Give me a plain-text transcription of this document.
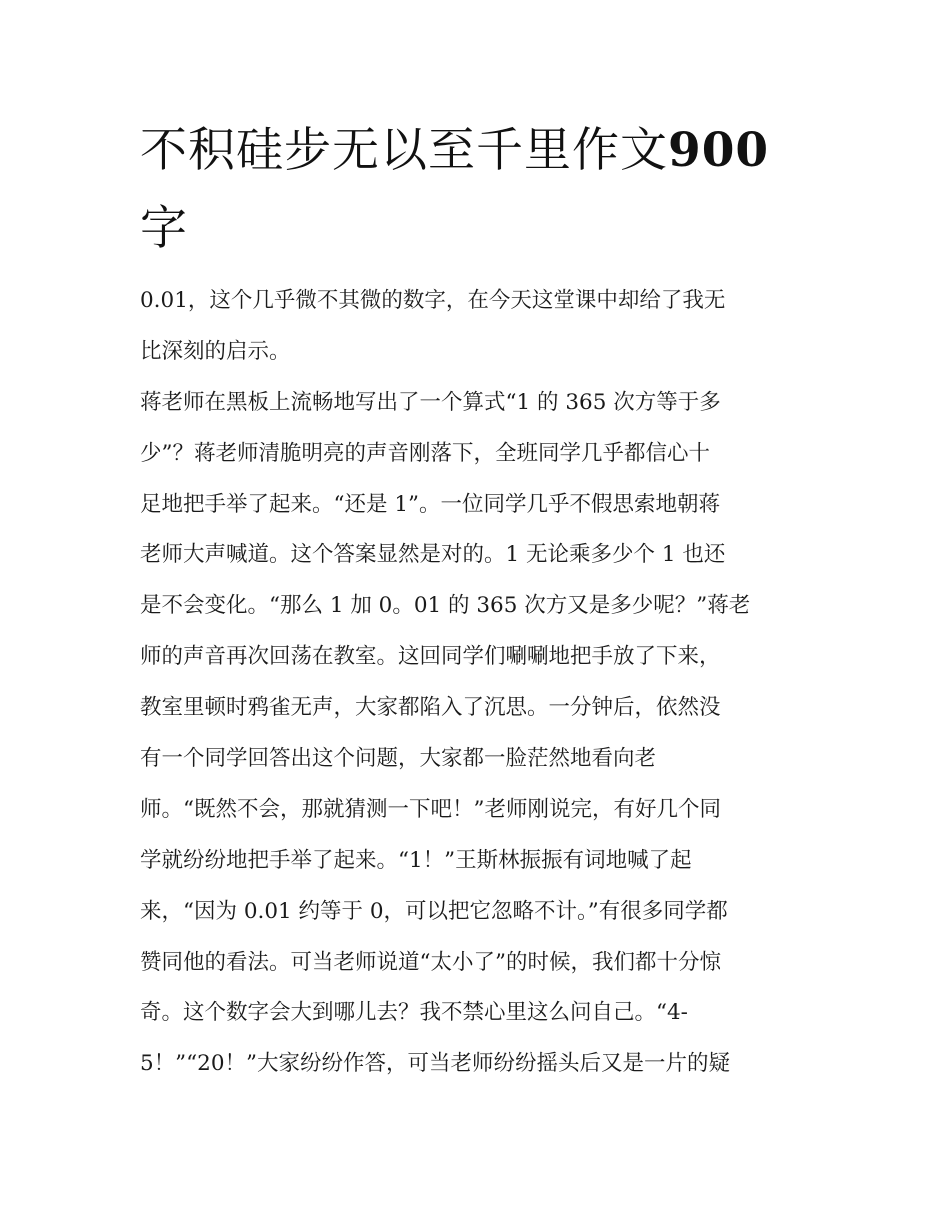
不积硅步无以至千里作文900
字
0.01，这个几乎微不其微的数字，在今天这堂课中却给了我无
比深刻的启示。
蒋老师在黑板上流畅地写出了一个算式“1 的 365 次方等于多
少”？蒋老师清脆明亮的声音刚落下，全班同学几乎都信心十
足地把手举了起来。“还是 1”。一位同学几乎不假思索地朝蒋
老师大声喊道。这个答案显然是对的。1 无论乘多少个 1 也还
是不会变化。“那么 1 加 0。01 的 365 次方又是多少呢？”蒋老
师的声音再次回荡在教室。这回同学们唰唰地把手放了下来，
教室里顿时鸦雀无声，大家都陷入了沉思。一分钟后，依然没
有一个同学回答出这个问题，大家都一脸茫然地看向老
师。“既然不会，那就猜测一下吧！”老师刚说完，有好几个同
学就纷纷地把手举了起来。“1！”王斯林振振有词地喊了起
来，“因为 0.01 约等于 0，可以把它忽略不计。”有很多同学都
赞同他的看法。可当老师说道“太小了”的时候，我们都十分惊
奇。这个数字会大到哪儿去？我不禁心里这么问自己。“4-
5！”“20！”大家纷纷作答，可当老师纷纷摇头后又是一片的疑
